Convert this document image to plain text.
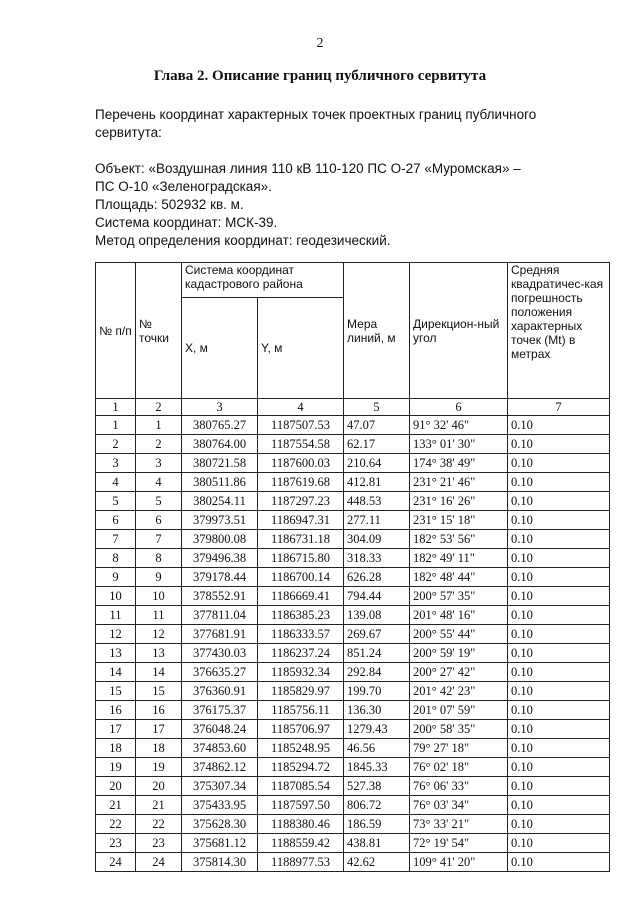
2
Глава 2. Описание границ публичного сервитута
Перечень координат характерных точек проектных границ публичного сервитута:
Объект: «Воздушная линия 110 кВ 110-120 ПС О-27 «Муромская» –
ПС О-10 «Зеленоградская».
Площадь: 502932 кв. м.
Система координат: МСК-39.
Метод определения координат: геодезический.
№ п/п	№ точки	Система координат кадастрового района		Мера линий, м	Дирекцион-ный угол	Средняя квадратичес-кая погрешность положения характерных точек (Mt) в метрах
		X, м	Y, м			
1	2	3	4	5	6	7
1	1	380765.27	1187507.53	47.07	91° 32' 46"	0.10
2	2	380764.00	1187554.58	62.17	133° 01' 30"	0.10
3	3	380721.58	1187600.03	210.64	174° 38' 49"	0.10
4	4	380511.86	1187619.68	412.81	231° 21' 46"	0.10
5	5	380254.11	1187297.23	448.53	231° 16' 26"	0.10
6	6	379973.51	1186947.31	277.11	231° 15' 18"	0.10
7	7	379800.08	1186731.18	304.09	182° 53' 56"	0.10
8	8	379496.38	1186715.80	318.33	182° 49' 11"	0.10
9	9	379178.44	1186700.14	626.28	182° 48' 44"	0.10
10	10	378552.91	1186669.41	794.44	200° 57' 35"	0.10
11	11	377811.04	1186385.23	139.08	201° 48' 16"	0.10
12	12	377681.91	1186333.57	269.67	200° 55' 44"	0.10
13	13	377430.03	1186237.24	851.24	200° 59' 19"	0.10
14	14	376635.27	1185932.34	292.84	200° 27' 42"	0.10
15	15	376360.91	1185829.97	199.70	201° 42' 23"	0.10
16	16	376175.37	1185756.11	136.30	201° 07' 59"	0.10
17	17	376048.24	1185706.97	1279.43	200° 58' 35"	0.10
18	18	374853.60	1185248.95	46.56	79° 27' 18"	0.10
19	19	374862.12	1185294.72	1845.33	76° 02' 18"	0.10
20	20	375307.34	1187085.54	527.38	76° 06' 33"	0.10
21	21	375433.95	1187597.50	806.72	76° 03' 34"	0.10
22	22	375628.30	1188380.46	186.59	73° 33' 21"	0.10
23	23	375681.12	1188559.42	438.81	72° 19' 54"	0.10
24	24	375814.30	1188977.53	42.62	109° 41' 20"	0.10
